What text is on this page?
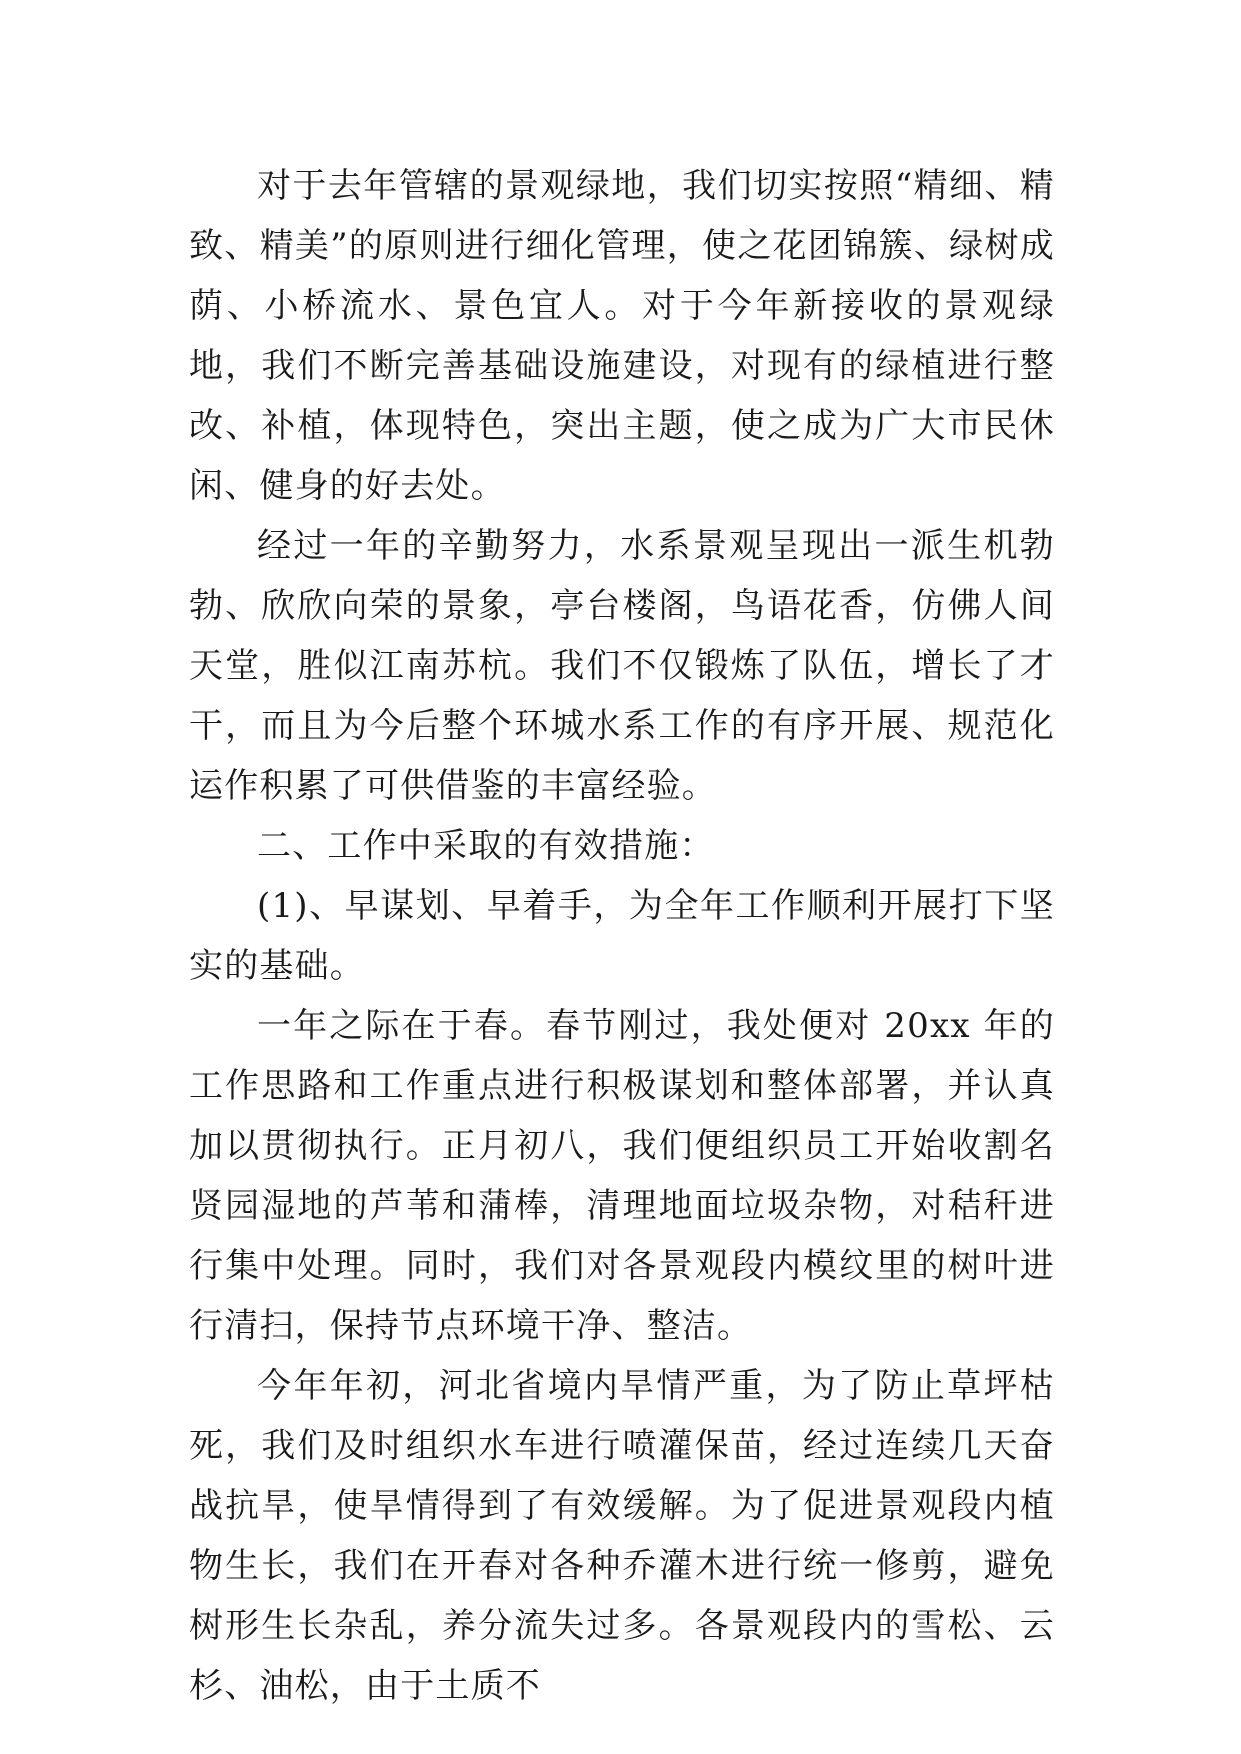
对于去年管辖的景观绿地，我们切实按照“精细、精致、精美”的原则进行细化管理，使之花团锦簇、绿树成荫、小桥流水、景色宜人。对于今年新接收的景观绿地，我们不断完善基础设施建设，对现有的绿植进行整改、补植，体现特色，突出主题，使之成为广大市民休闲、健身的好去处。

经过一年的辛勤努力，水系景观呈现出一派生机勃勃、欣欣向荣的景象，亭台楼阁，鸟语花香，仿佛人间天堂，胜似江南苏杭。我们不仅锻炼了队伍，增长了才干，而且为今后整个环城水系工作的有序开展、规范化运作积累了可供借鉴的丰富经验。

二、工作中采取的有效措施：

(1)、早谋划、早着手，为全年工作顺利开展打下坚实的基础。

一年之际在于春。春节刚过，我处便对 20xx 年的工作思路和工作重点进行积极谋划和整体部署，并认真加以贯彻执行。正月初八，我们便组织员工开始收割名贤园湿地的芦苇和蒲棒，清理地面垃圾杂物，对秸秆进行集中处理。同时，我们对各景观段内模纹里的树叶进行清扫，保持节点环境干净、整洁。

今年年初，河北省境内旱情严重，为了防止草坪枯死，我们及时组织水车进行喷灌保苗，经过连续几天奋战抗旱，使旱情得到了有效缓解。为了促进景观段内植物生长，我们在开春对各种乔灌木进行统一修剪，避免树形生长杂乱，养分流失过多。各景观段内的雪松、云杉、油松，由于土质不
